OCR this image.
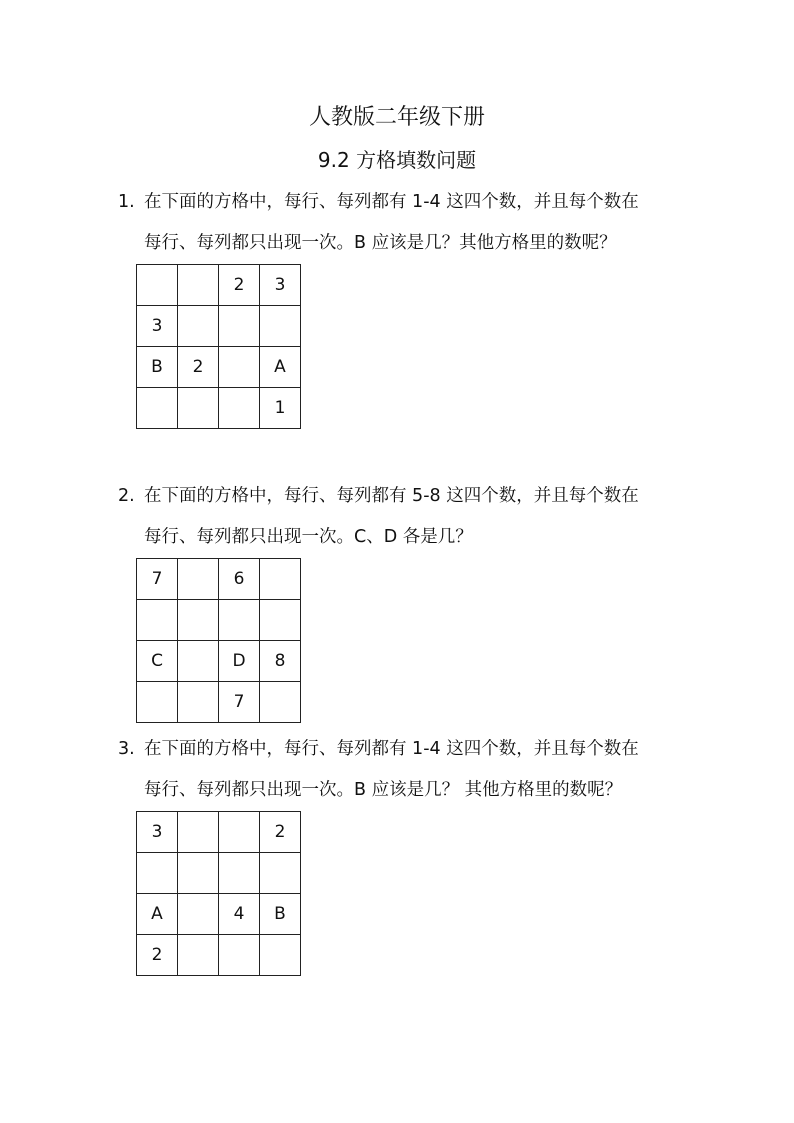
人教版二年级下册
9.2 方格填数问题
1. 在下面的方格中，每行、每列都有 1-4 这四个数，并且每个数在
每行、每列都只出现一次。B 应该是几？其他方格里的数呢？
		2	3
3			
B	2		A
			1
2. 在下面的方格中，每行、每列都有 5-8 这四个数，并且每个数在
每行、每列都只出现一次。C、D 各是几？
7		6	

C		D	8
		7	
3. 在下面的方格中，每行、每列都有 1-4 这四个数，并且每个数在
每行、每列都只出现一次。B 应该是几？ 其他方格里的数呢？
3			2

A		4	B
2			
